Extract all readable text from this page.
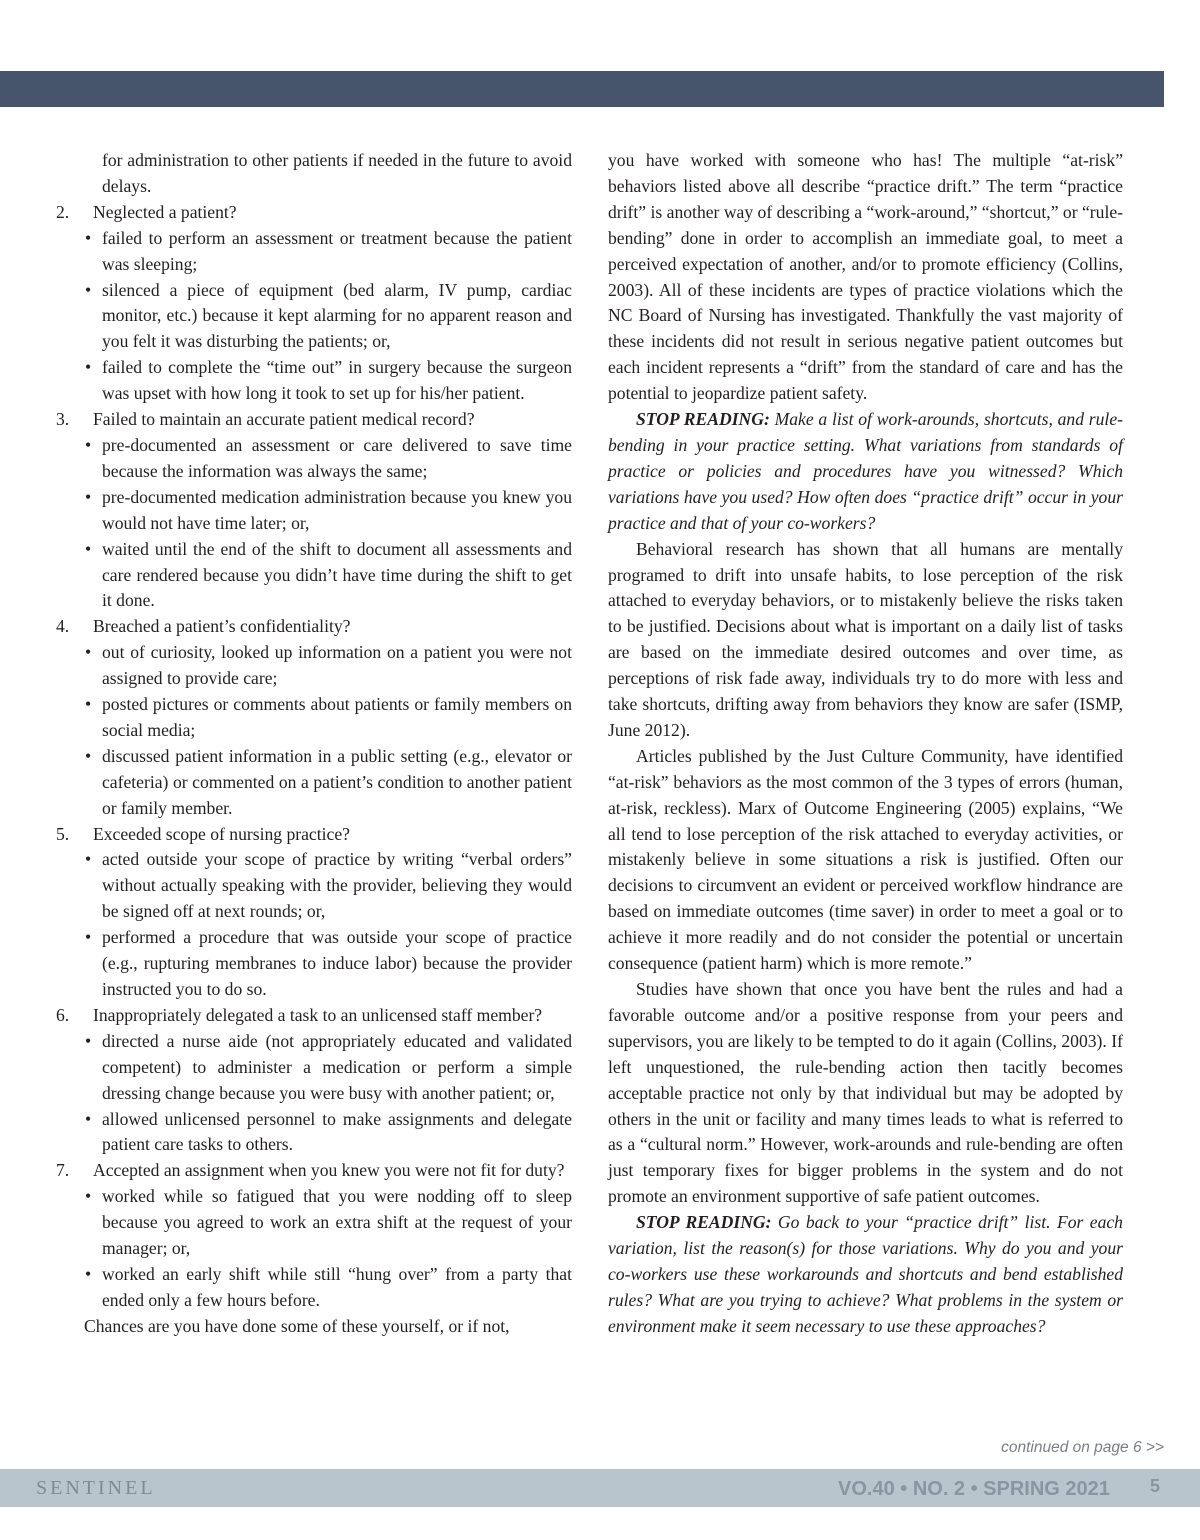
for administration to other patients if needed in the future to avoid delays.

2. Neglected a patient?

• failed to perform an assessment or treatment because the patient was sleeping;

• silenced a piece of equipment (bed alarm, IV pump, cardiac monitor, etc.) because it kept alarming for no apparent reason and you felt it was disturbing the patients; or,

• failed to complete the “time out” in surgery because the surgeon was upset with how long it took to set up for his/her patient.

3. Failed to maintain an accurate patient medical record?

• pre-documented an assessment or care delivered to save time because the information was always the same;

• pre-documented medication administration because you knew you would not have time later; or,

• waited until the end of the shift to document all assessments and care rendered because you didn’t have time during the shift to get it done.

4. Breached a patient’s confidentiality?

• out of curiosity, looked up information on a patient you were not assigned to provide care;

• posted pictures or comments about patients or family members on social media;

• discussed patient information in a public setting (e.g., elevator or cafeteria) or commented on a patient’s condition to another patient or family member.

5. Exceeded scope of nursing practice?

• acted outside your scope of practice by writing “verbal orders” without actually speaking with the provider, believing they would be signed off at next rounds; or,

• performed a procedure that was outside your scope of practice (e.g., rupturing membranes to induce labor) because the provider instructed you to do so.

6. Inappropriately delegated a task to an unlicensed staff member?

• directed a nurse aide (not appropriately educated and validated competent) to administer a medication or perform a simple dressing change because you were busy with another patient; or,

• allowed unlicensed personnel to make assignments and delegate patient care tasks to others.

7. Accepted an assignment when you knew you were not fit for duty?

• worked while so fatigued that you were nodding off to sleep because you agreed to work an extra shift at the request of your manager; or,

• worked an early shift while still “hung over” from a party that ended only a few hours before.

Chances are you have done some of these yourself, or if not,

you have worked with someone who has! The multiple “at-risk” behaviors listed above all describe “practice drift.” The term “practice drift” is another way of describing a “work-around,” “shortcut,” or “rule-bending” done in order to accomplish an immediate goal, to meet a perceived expectation of another, and/or to promote efficiency (Collins, 2003). All of these incidents are types of practice violations which the NC Board of Nursing has investigated. Thankfully the vast majority of these incidents did not result in serious negative patient outcomes but each incident represents a “drift” from the standard of care and has the potential to jeopardize patient safety.

STOP READING: Make a list of work-arounds, shortcuts, and rule-bending in your practice setting. What variations from standards of practice or policies and procedures have you witnessed? Which variations have you used? How often does “practice drift” occur in your practice and that of your co-workers?

Behavioral research has shown that all humans are mentally programed to drift into unsafe habits, to lose perception of the risk attached to everyday behaviors, or to mistakenly believe the risks taken to be justified. Decisions about what is important on a daily list of tasks are based on the immediate desired outcomes and over time, as perceptions of risk fade away, individuals try to do more with less and take shortcuts, drifting away from behaviors they know are safer (ISMP, June 2012).

Articles published by the Just Culture Community, have identified “at-risk” behaviors as the most common of the 3 types of errors (human, at-risk, reckless). Marx of Outcome Engineering (2005) explains, “We all tend to lose perception of the risk attached to everyday activities, or mistakenly believe in some situations a risk is justified. Often our decisions to circumvent an evident or perceived workflow hindrance are based on immediate outcomes (time saver) in order to meet a goal or to achieve it more readily and do not consider the potential or uncertain consequence (patient harm) which is more remote.”

Studies have shown that once you have bent the rules and had a favorable outcome and/or a positive response from your peers and supervisors, you are likely to be tempted to do it again (Collins, 2003). If left unquestioned, the rule-bending action then tacitly becomes acceptable practice not only by that individual but may be adopted by others in the unit or facility and many times leads to what is referred to as a “cultural norm.” However, work-arounds and rule-bending are often just temporary fixes for bigger problems in the system and do not promote an environment supportive of safe patient outcomes.

STOP READING: Go back to your “practice drift” list. For each variation, list the reason(s) for those variations. Why do you and your co-workers use these workarounds and shortcuts and bend established rules? What are you trying to achieve? What problems in the system or environment make it seem necessary to use these approaches?

continued on page 6 >>
SENTINEL	VO.40 • NO. 2 • SPRING 2021 5
